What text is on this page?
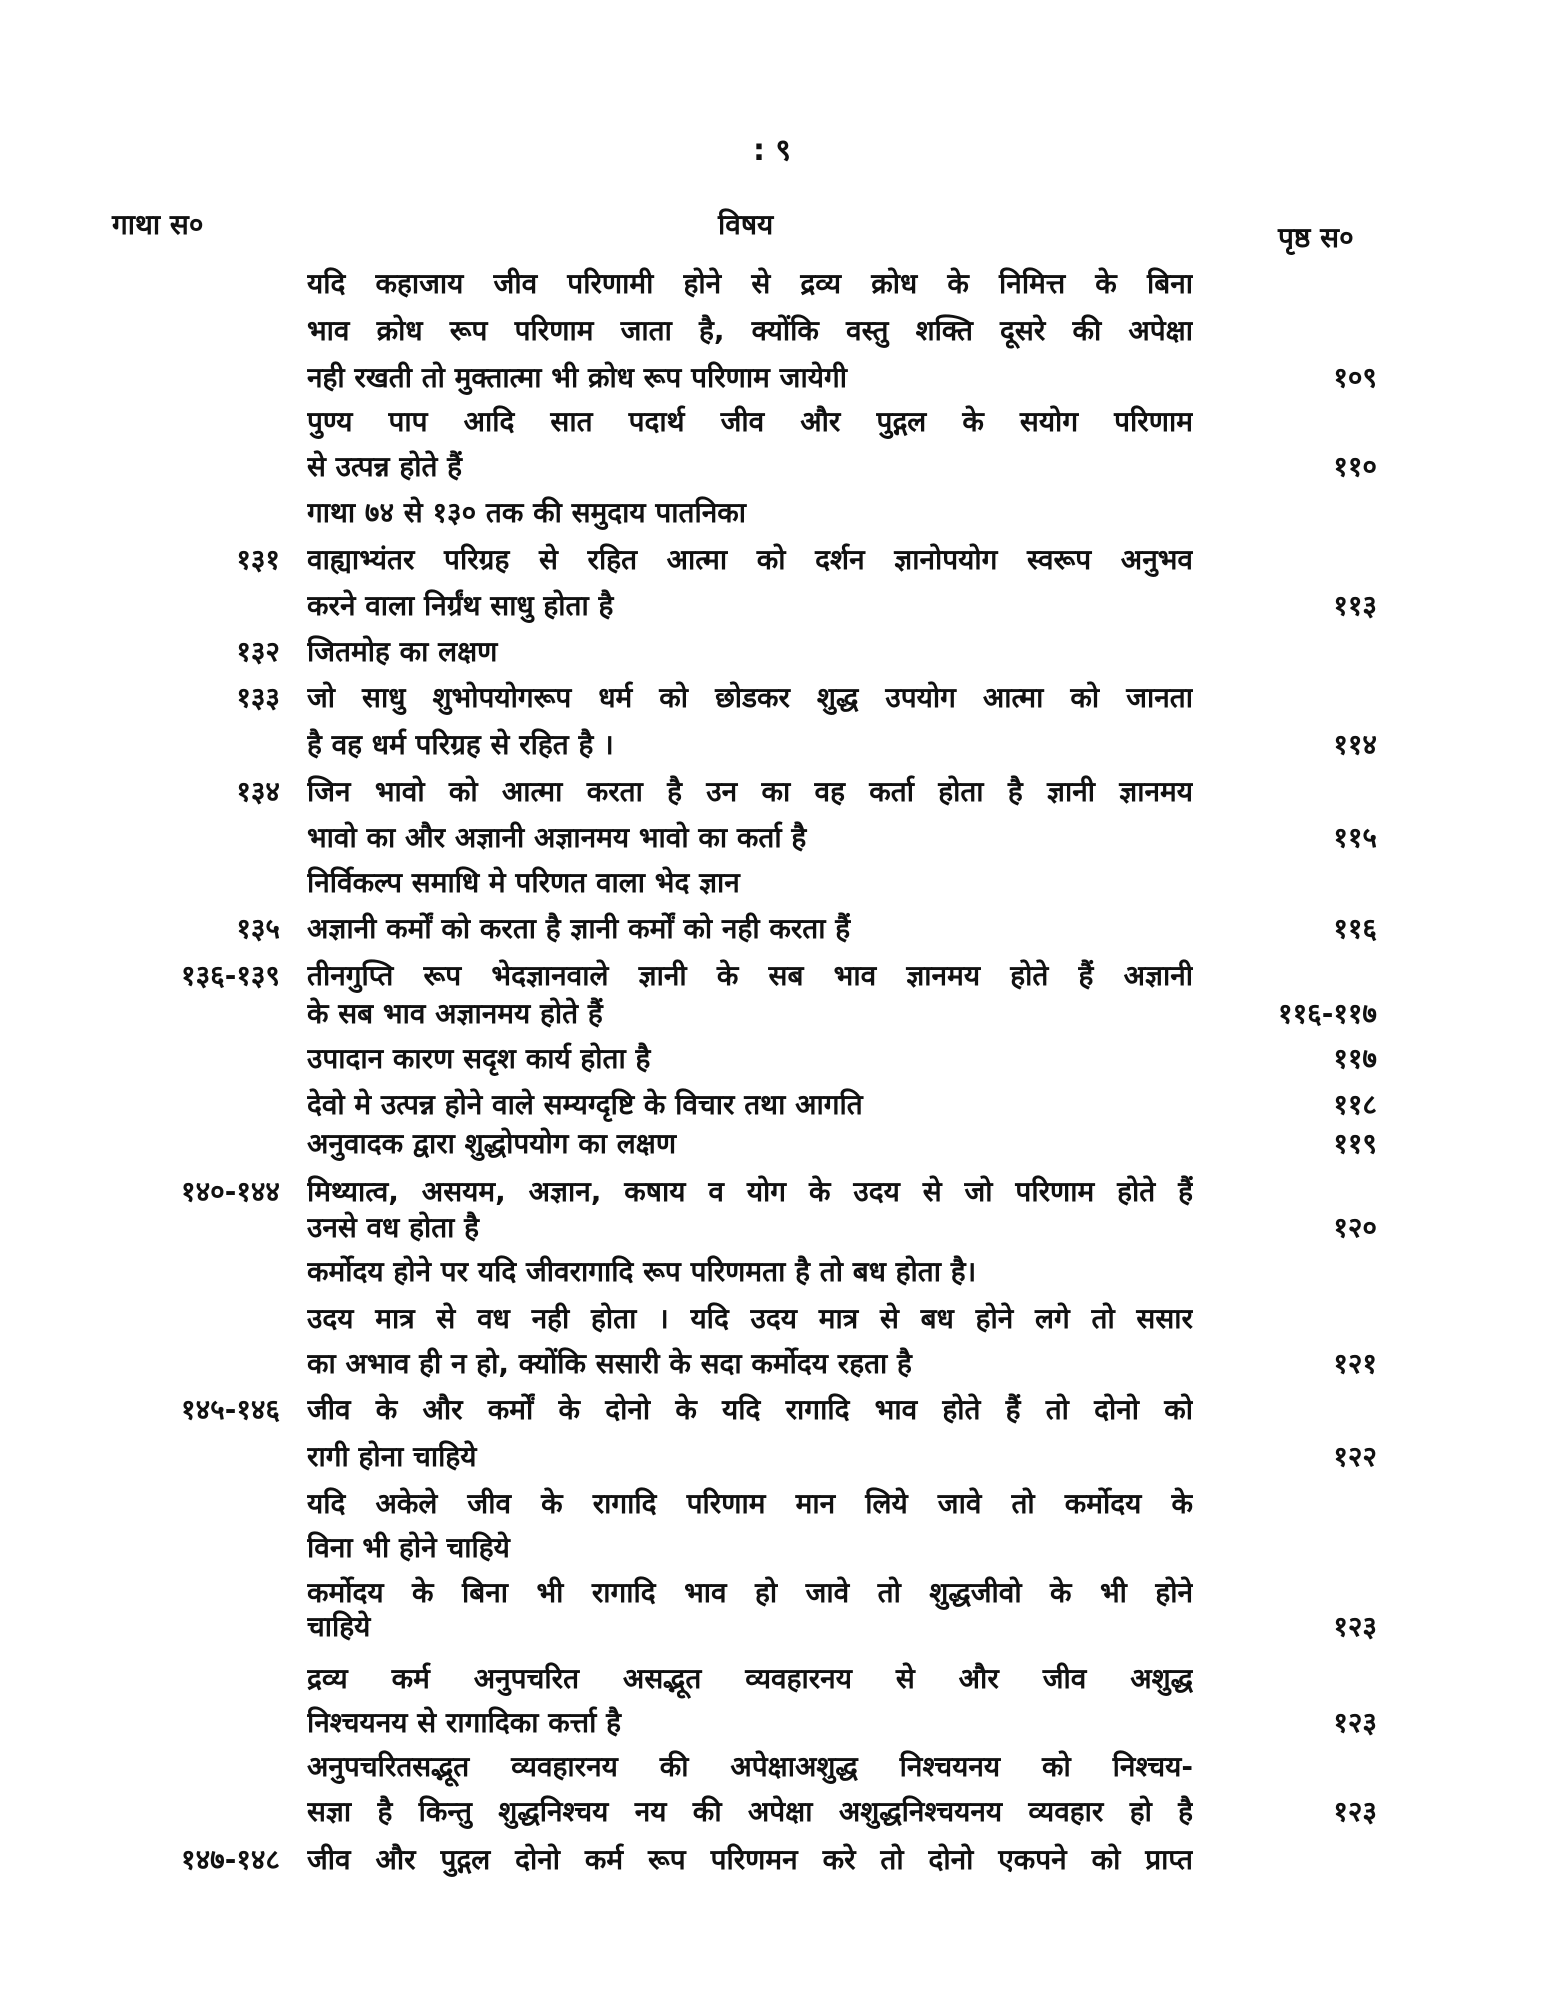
: ९
गाथा स०	विषय	पृष्ठ स०
यदि कहाजाय जीव परिणामी होने से द्रव्य क्रोध के निमित्त के बिना
भाव क्रोध रूप परिणाम जाता है, क्योंकि वस्तु शक्ति दूसरे की अपेक्षा
नही रखती तो मुक्तात्मा भी क्रोध रूप परिणाम जायेगी	१०९
पुण्य पाप आदि सात पदार्थ जीव और पुद्गल के सयोग परिणाम
से उत्पन्न होते हैं	११०
गाथा ७४ से १३० तक की समुदाय पातनिका
१३१ वाह्याभ्यंतर परिग्रह से रहित आत्मा को दर्शन ज्ञानोपयोग स्वरूप अनुभव
करने वाला निर्ग्रंथ साधु होता है	११३
१३२ जितमोह का लक्षण
१३३ जो साधु शुभोपयोगरूप धर्म को छोडकर शुद्ध उपयोग आत्मा को जानता
है वह धर्म परिग्रह से रहित है ।	११४
१३४ जिन भावो को आत्मा करता है उन का वह कर्ता होता है ज्ञानी ज्ञानमय
भावो का और अज्ञानी अज्ञानमय भावो का कर्ता है	११५
निर्विकल्प समाधि मे परिणत वाला भेद ज्ञान
१३५ अज्ञानी कर्मों को करता है ज्ञानी कर्मों को नही करता हैं	११६
१३६-१३९ तीनगुप्ति रूप भेदज्ञानवाले ज्ञानी के सब भाव ज्ञानमय होते हैं अज्ञानी
के सब भाव अज्ञानमय होते हैं	११६-११७
उपादान कारण सदृश कार्य होता है	११७
देवो मे उत्पन्न होने वाले सम्यग्दृष्टि के विचार तथा आगति	११८
अनुवादक द्वारा शुद्धोपयोग का लक्षण	११९
१४०-१४४ मिथ्यात्व, असयम, अज्ञान, कषाय व योग के उदय से जो परिणाम होते हैं
उनसे वध होता है	१२०
कर्मोदय होने पर यदि जीवरागादि रूप परिणमता है तो बध होता है।
उदय मात्र से वध नही होता । यदि उदय मात्र से बध होने लगे तो ससार
का अभाव ही न हो, क्योंकि ससारी के सदा कर्मोदय रहता है	१२१
१४५-१४६ जीव के और कर्मों के दोनो के यदि रागादि भाव होते हैं तो दोनो को
रागी होना चाहिये	१२२
यदि अकेले जीव के रागादि परिणाम मान लिये जावे तो कर्मोदय के
विना भी होने चाहिये
कर्मोदय के बिना भी रागादि भाव हो जावे तो शुद्धजीवो के भी होने
चाहिये	१२३
द्रव्य कर्म अनुपचरित असद्भूत व्यवहारनय से और जीव अशुद्ध
निश्चयनय से रागादिका कर्त्ता है	१२३
अनुपचरितसद्भूत व्यवहारनय की अपेक्षाअशुद्ध निश्चयनय को निश्चय-
सज्ञा है किन्तु शुद्धनिश्चय नय की अपेक्षा अशुद्धनिश्चयनय व्यवहार हो है	१२३
१४७-१४८ जीव और पुद्गल दोनो कर्म रूप परिणमन करे तो दोनो एकपने को प्राप्त
